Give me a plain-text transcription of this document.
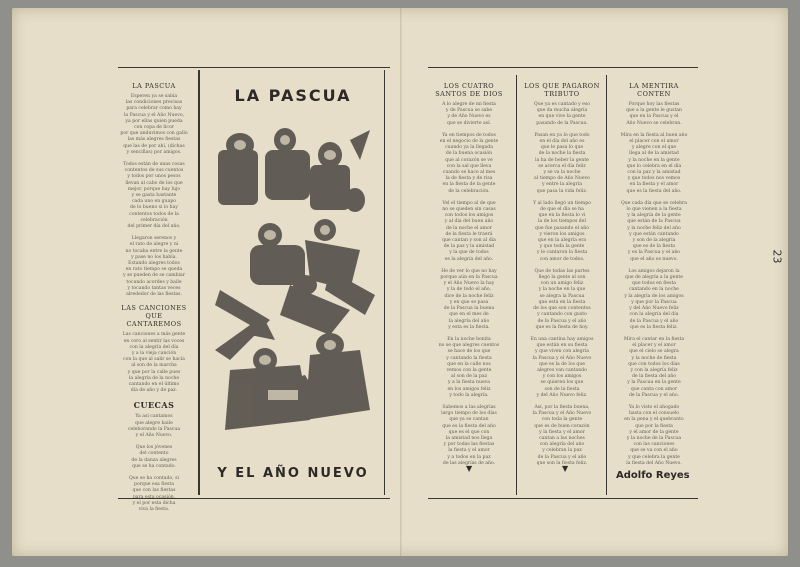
23
LA PASCUA
Esperen ya se sabía
las condiciones precisas
para celebrar como hay
la Pascua y el Año Nuevo,
ya por ellas quien pueda
con copa de licor
por que anduvimos con gallo
las más alegres fiestas
que las de por ahí, (dichas
y sencillas) por amigos.
Todos están de unas cosas
contentos de sus cuentos
y todos por unos pesos
llevan al cabo de los que
mejor, porque hay lujo
y se gasta bastante
cada uno en guapo
de lo bueno si lo hay
contentos todos de la celebración
del primer día del año.
Llegaron serenos y
el rato de alegre y ni
no tocaba entre la gente
y pase no los había.
Estando alegres todos
en rato tiempo se queda
y se pueden de se cambiar
tocando acordes y baile
y tocando tantas veces
alrededor de las fiestas.
LAS CANCIONES QUE CANTAREMOS
Las canciones a más gente
en coro al sentir las voces
con la alegría del día
y a la vieja canción
con la que al salir se hacía
al son de la marcha
y que por la calle pues
la alegría de la noche
cantando en el último
día de año y de paz.
CUECAS
Ya así cantamos
que alegre baile
celeborando la Pascua
y el Año Nuevo.
Que los jóvenes
del contento
de la danza alegres
que se ha contado.
Que se ha contado, si
porque esa fiesta
que con las fiestas

y el por esta dicha
viva la fiesta.
LA PASCUA
Y EL AÑO NUEVO
LOS CUATRO
SANTOS DE DIOS
A lo alegre de mi fiesta
y de Pascua se sabe
y de Año Nuevo es
que se divierte así.
Ya en tiempos de todos
en el negocio de la gente
cuando ya la llegada
de la buena ocasión
que al corazón se ve
con la sal que lleva
cuando se hace al mes
la de fiesta y de risa
en la fiesta de la gente
de la celebración.
Vel el tiempo al de que
no se queden sin casas
con todos los amigos
y al día del buen año
de la noche el amor
de la fiesta le traerá
que cantan y son al día
de la paz y la amistad
y la que de todos
es la alegría del año.
He de ver lo que no hay
porque aún en la Pascua
y el Año Nuevo la hay
y la de todo el año,
dice de la noche feliz
y en que se pasa
de la Pascua la buena
que en el mes de
la alegría del año
y esta es la fiesta.
En la noche bonita
no se que alegres cuentos
se hace de los que
y cantando la fiesta
que en la calle nos
vemos con la gente
al son de la paz
y a la fiesta nueva
en los amigos feliz
y todo la alegría.
Sabemos a las alegrías
largo tiempo de los días
que ya se cantan
que es la fiesta del año
que es el que con
la amistad nos llega
y por todas las fiestas
la fiesta y el amor
y a todos en la paz
de las alegrías de año.
▼
LOS QUE PAGARON
TRIBUTO
Que ya es cantado y eso
que da mucha alegría
en que vive la gente
pasando de la Pascua.
Pasan en ya lo que todo
en el día del año es
que le pasa lo que
de la noche la fiesta
la ha de beber la gente
se acerca el día feliz
y se va la noche
al tiempo de Año Nuevo
y entre la alegría
que pasa la vida feliz.
Y al lado llegó un tiempo
de que el día se ha
que en la fiesta lo vi
la de los tiempos del
que fue pasando el año
y vieron los amigos
que en la alegría era
y que toda la gente
y le cantaron la fiesta
con amor de todos.
Que de todas las partes
llegó la gente al son
con un amigo feliz
y la noche en la que
se alegra la Pascua
que está en la fiesta
de los que son contentos
y cantando con gusto
de la Pascua y el año
que es la fiesta de hoy.
En una cantina hay amigos
que están en su fiesta
y que viven con alegría
la Pascua y el Año Nuevo
que es la de los que
alegres van cantando
y con los amigos
se quieren los que
son de la fiesta
y del Año Nuevo feliz.
Así, por la fiesta buena,
la Pascua y el Año Nuevo
con toda la gente
que es de buen corazón
y la fiesta y el amor
cantan a las noches
con alegría del año
y celebran la paz
de la Pascua y el año
que son la fiesta feliz.
▼
LA MENTIRA CONTEN
Porque hoy las fiestas
que a la gente le gustan
que en la Pascua y el
Año Nuevo se celebran.
Mira en la fiesta al buen año
el placer con el amor
y alegre con el que
llega al de la amistad
y la noche en la gente
que lo celebra en el día
con la paz y la amistad
y que todos nos vemos
en la fiesta y el amor
que es la fiesta del año.
Que cada día que se celebra
lo que vienen a la fiesta
y la alegría de la gente
que están de la Pascua
y la noche feliz del año
y que están cantando
y son de la alegría
que es de la fiesta
y es la Pascua y el año
que el año es nuevo.
Los amigos dejaron la
que de alegría a la gente
que todos en fiesta
cantando en la noche
y la alegría de los amigos
y que por la Pascua
y del Año Nuevo feliz
con la alegría del día
de la Pascua y el año
que es la fiesta feliz.
Mira el cantar en la fiesta
el placer y el amor
que el cielo se alegra
y la noche de fiesta
que con todos los días
y con la alegría feliz
de la fiesta del año
y la Pascua en la gente
que canta con amor
de la Pascua y el año.
Ya lo visto el ahogado
hasta con el consuelo
en la pena y el quebranto
que por la fiesta
y el amor de la gente
y la noche de la Pascua
con las canciones
que se va con el año
y que celebra la gente
la fiesta del Año Nuevo.
Adolfo Reyes
